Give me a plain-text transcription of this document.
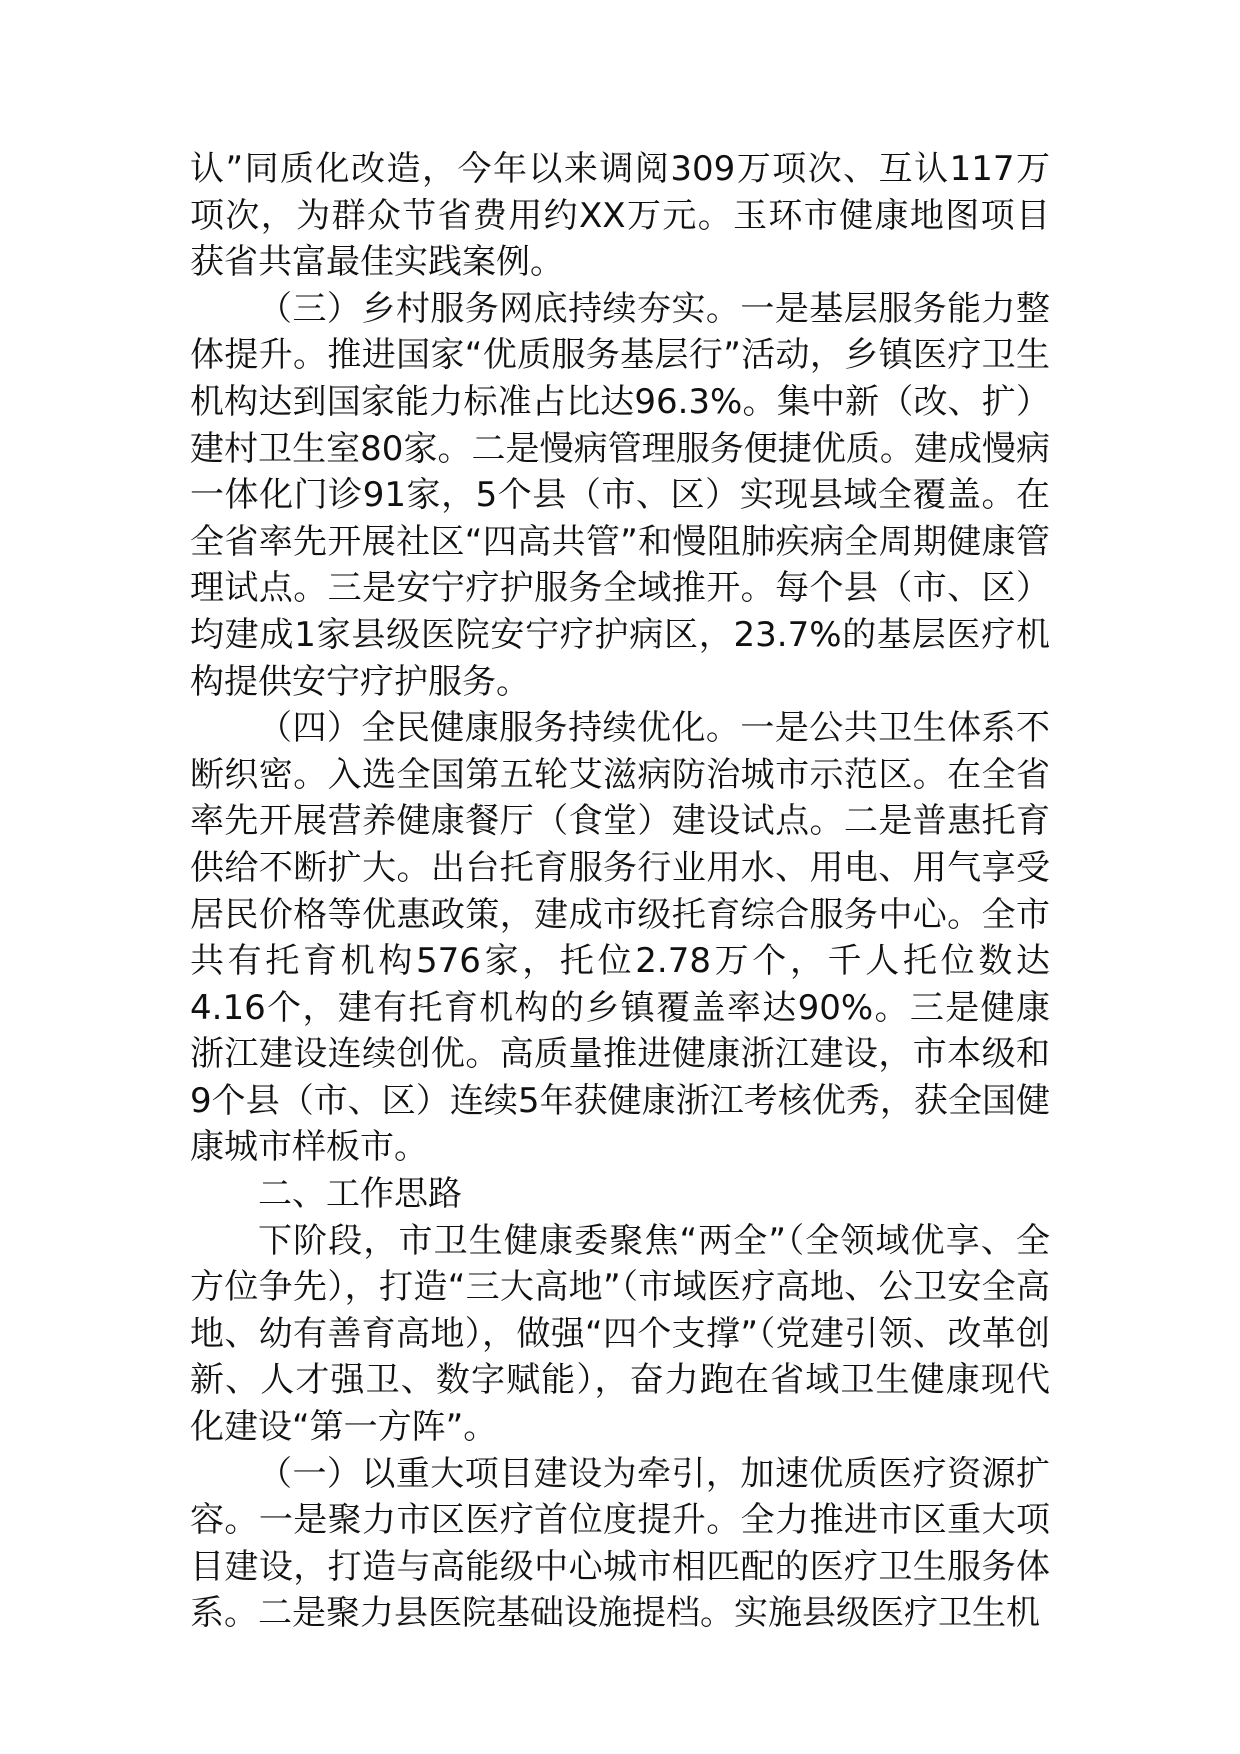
认”同质化改造，今年以来调阅309万项次、互认117万项次，为群众节省费用约XX万元。玉环市健康地图项目获省共富最佳实践案例。

（三）乡村服务网底持续夯实。一是基层服务能力整体提升。推进国家“优质服务基层行”活动，乡镇医疗卫生机构达到国家能力标准占比达96.3%。集中新（改、扩）建村卫生室80家。二是慢病管理服务便捷优质。建成慢病一体化门诊91家，5个县（市、区）实现县域全覆盖。在全省率先开展社区“四高共管”和慢阻肺疾病全周期健康管理试点。三是安宁疗护服务全域推开。每个县（市、区）均建成1家县级医院安宁疗护病区，23.7%的基层医疗机构提供安宁疗护服务。

（四）全民健康服务持续优化。一是公共卫生体系不断织密。入选全国第五轮艾滋病防治城市示范区。在全省率先开展营养健康餐厅（食堂）建设试点。二是普惠托育供给不断扩大。出台托育服务行业用水、用电、用气享受居民价格等优惠政策，建成市级托育综合服务中心。全市共有托育机构576家，托位2.78万个，千人托位数达4.16个，建有托育机构的乡镇覆盖率达90%。三是健康浙江建设连续创优。高质量推进健康浙江建设，市本级和9个县（市、区）连续5年获健康浙江考核优秀，获全国健康城市样板市。

二、工作思路

下阶段，市卫生健康委聚焦“两全”（全领域优享、全方位争先），打造“三大高地”（市域医疗高地、公卫安全高地、幼有善育高地），做强“四个支撑”（党建引领、改革创新、人才强卫、数字赋能），奋力跑在省域卫生健康现代化建设“第一方阵”。

（一）以重大项目建设为牵引，加速优质医疗资源扩容。一是聚力市区医疗首位度提升。全力推进市区重大项目建设，打造与高能级中心城市相匹配的医疗卫生服务体系。二是聚力县医院基础设施提档。实施县级医疗卫生机
